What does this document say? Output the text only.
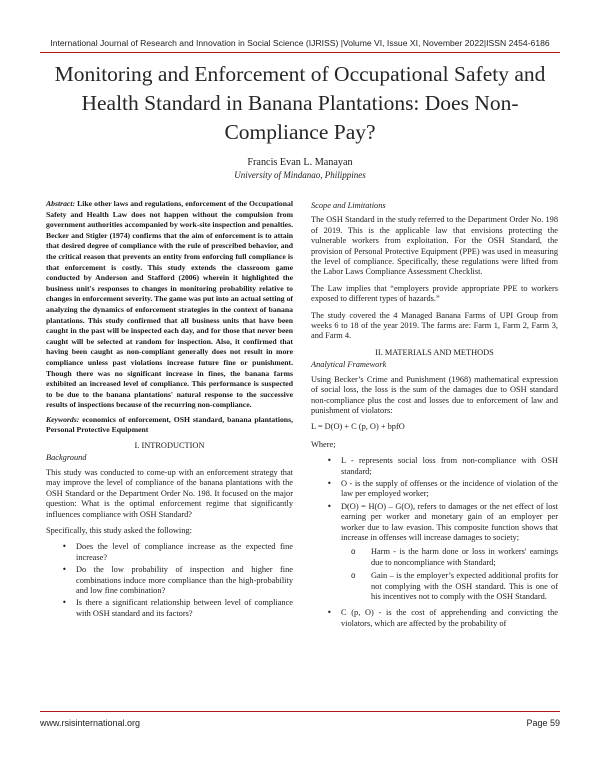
International Journal of Research and Innovation in Social Science (IJRISS) |Volume VI, Issue XI, November 2022|ISSN 2454-6186
Monitoring and Enforcement of Occupational Safety and Health Standard in Banana Plantations: Does Non-Compliance Pay?
Francis Evan L. Manayan
University of Mindanao, Philippines

Abstract: Like other laws and regulations, enforcement of the Occupational Safety and Health Law does not happen without the compulsion from government authorities accompanied by work-site inspection and penalties. Becker and Stigler (1974) confirms that the aim of enforcement is to attain that desired degree of compliance with the rule of prescribed behavior, and the critical reason that prevents an entity from enforcing full compliance is that enforcement is costly. This study extends the classroom game conducted by Anderson and Stafford (2006) wherein it highlighted the business unit's responses to changes in monitoring probability relative to changes in enforcement severity. The game was put into an actual setting of analyzing the dynamics of enforcement strategies in the context of banana plantations. This study confirmed that all business units that have been caught in the past will be inspected each day, and for those that never been caught will be selected at random for inspection. Also, it confirmed that having been caught as non-compliant generally does not result in more compliance unless past violations increase future fine or punishment. Though there was no significant increase in fines, the banana farms exhibited an increased level of compliance. This performance is suspected to be due to the banana plantations' natural response to the successive results of inspections because of the recurring non-compliance.

Keywords: economics of enforcement, OSH standard, banana plantations, Personal Protective Equipment

I. INTRODUCTION
Background

This study was conducted to come-up with an enforcement strategy that may improve the level of compliance of the banana plantations with the OSH Standard or the Department Order No. 198. It focused on the major question: What is the optimal enforcement regime that significantly influences compliance with OSH Standard?

Specifically, this study asked the following:

• Does the level of compliance increase as the expected fine increase?
• Do the low probability of inspection and higher fine combinations induce more compliance than the high-probability and low fine combination?
• Is there a significant relationship between level of compliance with OSH standard and its factors?
Scope and Limitations

The OSH Standard in the study referred to the Department Order No. 198 of 2019. This is the applicable law that envisions protecting the vulnerable workers from exploitation. For the OSH Standard, the provision of Personal Protective Equipment (PPE) was used in measuring the level of compliance. Specifically, these regulations were lifted from the Labor Laws Compliance Assessment Checklist.

The Law implies that “employers provide appropriate PPE to workers exposed to different types of hazards.”

The study covered the 4 Managed Banana Farms of UPI Group from weeks 6 to 18 of the year 2019. The farms are: Farm 1, Farm 2, Farm 3, and Farm 4.

II. MATERIALS AND METHODS
Analytical Framework

Using Becker’s Crime and Punishment (1968) mathematical expression of social loss, the loss is the sum of the damages due to OSH standard non-compliance plus the cost and losses due to enforcement of law and punishment of violators:

L = D(O) + C (p, O) + bpfO

Where;

• L - represents social loss from non-compliance with OSH standard;
• O - is the supply of offenses or the incidence of violation of the law per employed worker;
• D(O) = H(O) – G(O), refers to damages or the net effect of lost earning per worker and monetary gain of an employer per worker due to law evasion. This composite function shows that increase in offenses will increase damages to society;
o Harm - is the harm done or loss in workers' earnings due to noncompliance with Standard;
o Gain – is the employer’s expected additional profits for not complying with the OSH standard. This is one of his incentives not to comply with the OSH Standard.
• C (p, O) - is the cost of apprehending and convicting the violators, which are affected by the probability of
www.rsisinternational.org	Page 59
